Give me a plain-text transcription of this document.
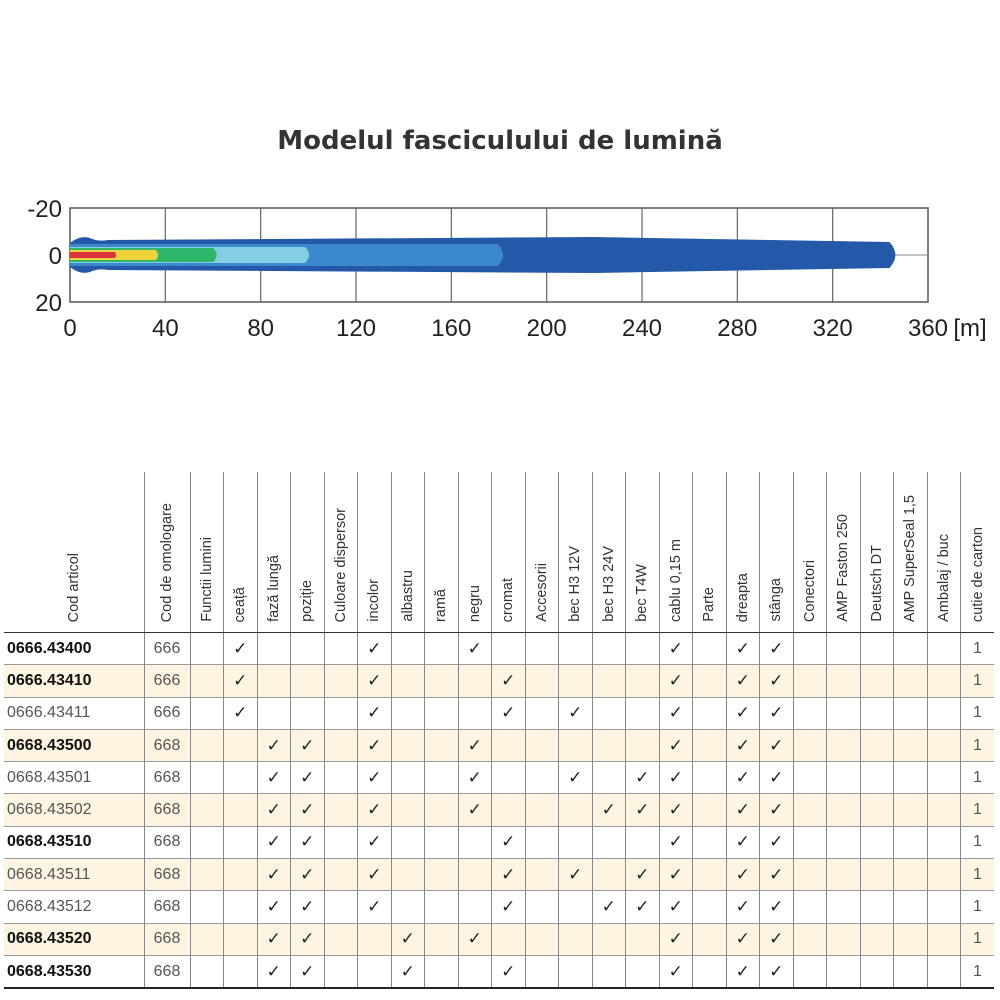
Modelul fasciculului de lumină
0	40	80	120 160 200 240 280 320 360 [m]
-20
0
20
Cod articol	Cod de omologare	Functii lumini	ceață	fază lungă	poziție	Culoare dispersor	incolor	albastru	ramă	negru	cromat	Accesorii	bec H3 12V	bec H3 24V	bec T4W	cablu 0,15 m	Parte	dreapta	stânga	Conectori	AMP Faston 250	Deutsch DT	AMP SuperSeal 1,5	Ambalaj / buc	cutie de carton
0666.43400	666		✓				✓			✓						✓		✓	✓						1
0666.43410	666		✓				✓				✓					✓		✓	✓						1
0666.43411	666		✓				✓				✓		✓			✓		✓	✓						1
0668.43500	668			✓	✓		✓			✓						✓		✓	✓						1
0668.43501	668			✓	✓		✓			✓			✓		✓	✓		✓	✓						1
0668.43502	668			✓	✓		✓			✓				✓	✓	✓		✓	✓						1
0668.43510	668			✓	✓		✓				✓					✓		✓	✓						1
0668.43511	668			✓	✓		✓				✓		✓		✓	✓		✓	✓						1
0668.43512	668			✓	✓		✓				✓			✓	✓	✓		✓	✓						1
0668.43520	668			✓	✓			✓		✓						✓		✓	✓						1
0668.43530	668			✓	✓			✓			✓					✓		✓	✓						1
